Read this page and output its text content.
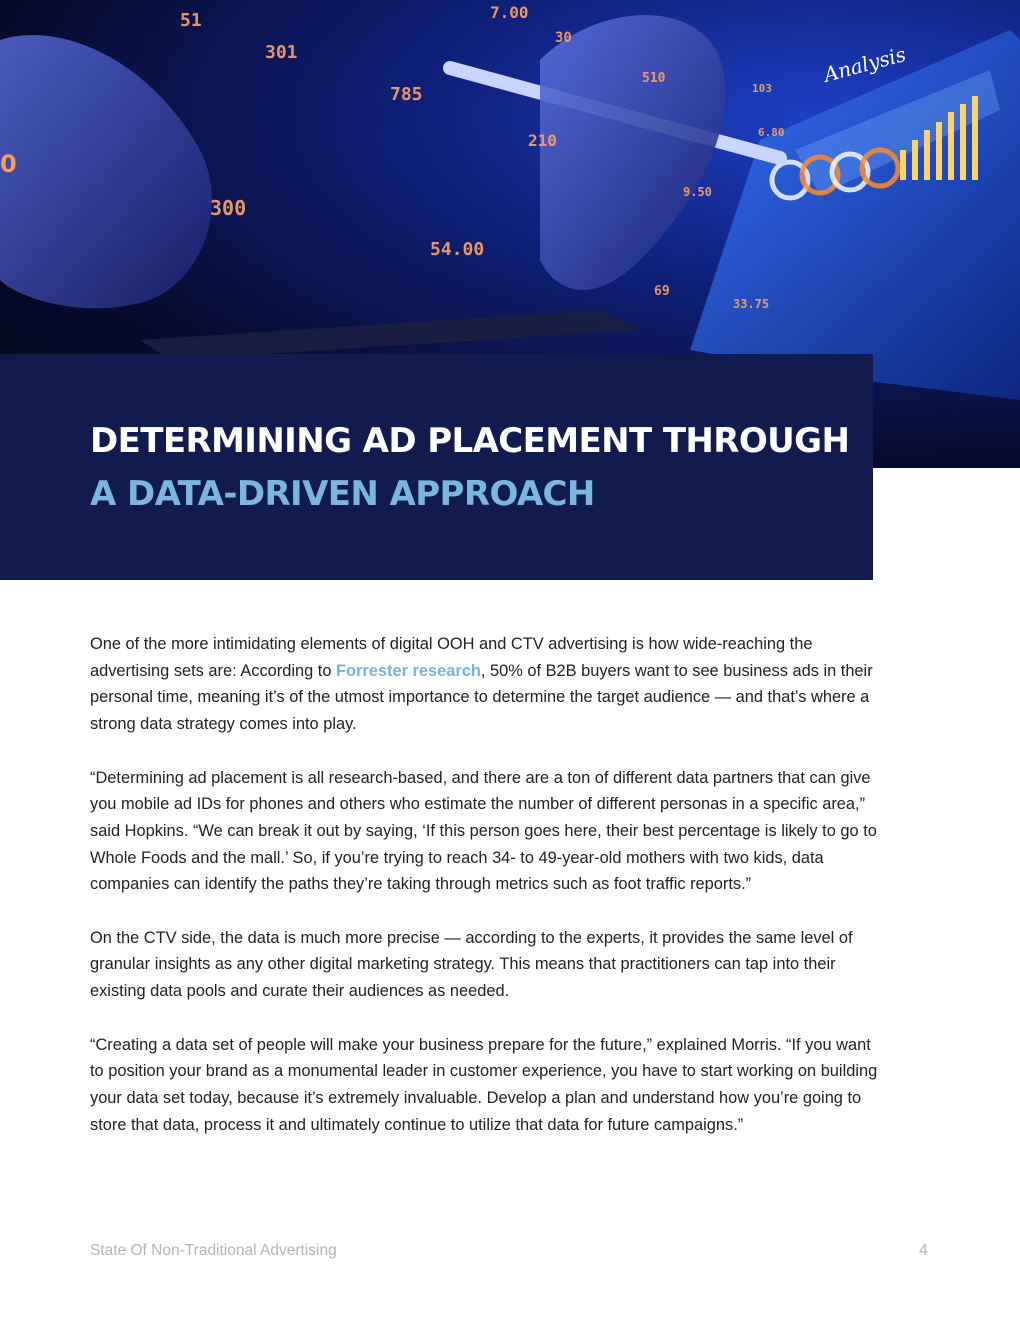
51
301
785
7.00
30
210
510
300
54.00
9.50
69
103
6.80
33.75
0
Analysis
DETERMINING AD PLACEMENT THROUGH
A DATA-DRIVEN APPROACH

One of the more intimidating elements of digital OOH and CTV advertising is how wide-reaching the advertising sets are: According to Forrester research, 50% of B2B buyers want to see business ads in their personal time, meaning it’s of the utmost importance to determine the target audience — and that’s where a strong data strategy comes into play.

“Determining ad placement is all research-based, and there are a ton of different data partners that can give you mobile ad IDs for phones and others who estimate the number of different personas in a specific area,” said Hopkins. “We can break it out by saying, ‘If this person goes here, their best percentage is likely to go to Whole Foods and the mall.’ So, if you’re trying to reach 34- to 49-year-old mothers with two kids, data companies can identify the paths they’re taking through metrics such as foot traffic reports.”

On the CTV side, the data is much more precise — according to the experts, it provides the same level of granular insights as any other digital marketing strategy. This means that practitioners can tap into their existing data pools and curate their audiences as needed.

“Creating a data set of people will make your business prepare for the future,” explained Morris. “If you want to position your brand as a monumental leader in customer experience, you have to start working on building your data set today, because it’s extremely invaluable. Develop a plan and understand how you’re going to store that data, process it and ultimately continue to utilize that data for future campaigns.”

State Of Non-Traditional Advertising	4
